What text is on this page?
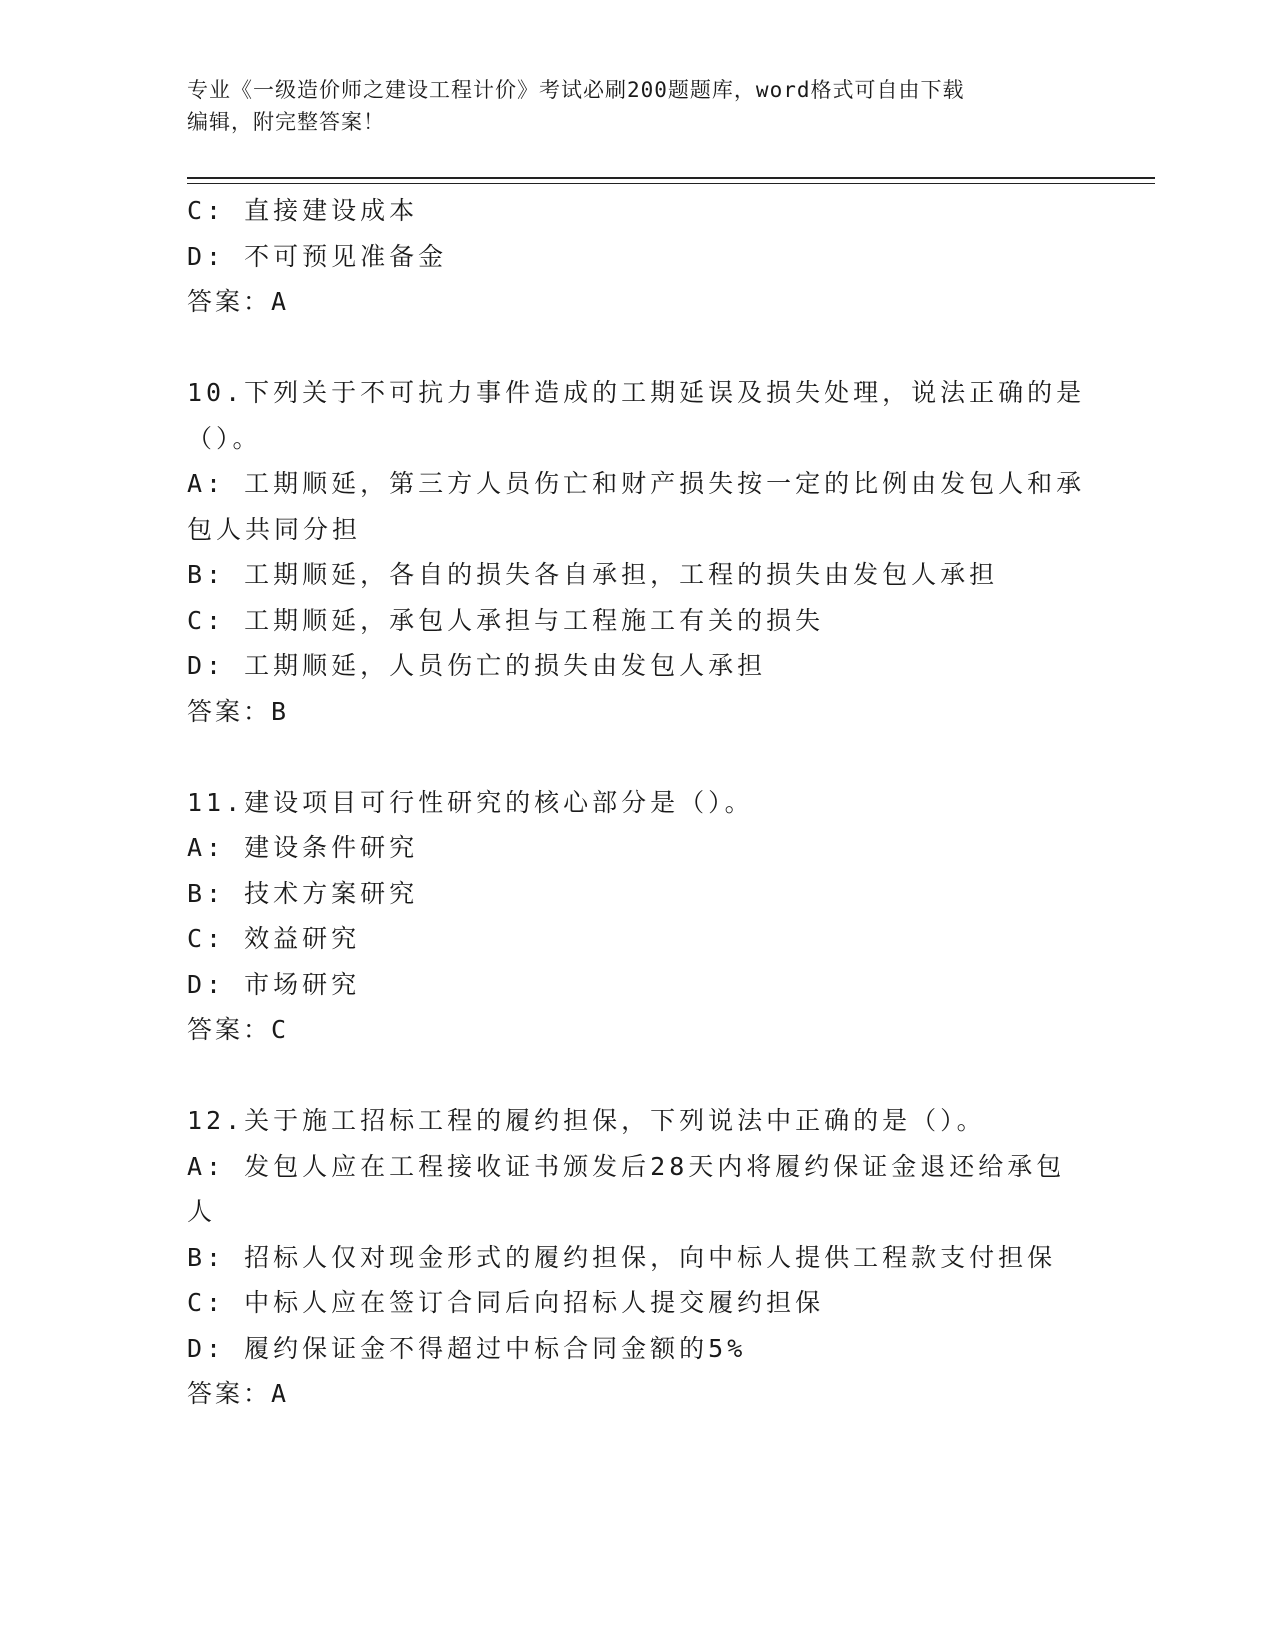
专业《一级造价师之建设工程计价》考试必刷200题题库，word格式可自由下载
编辑，附完整答案！
C: 直接建设成本
D: 不可预见准备金
答案：A
10.下列关于不可抗力事件造成的工期延误及损失处理，说法正确的是
（）。
A: 工期顺延，第三方人员伤亡和财产损失按一定的比例由发包人和承
包人共同分担
B: 工期顺延，各自的损失各自承担，工程的损失由发包人承担
C: 工期顺延，承包人承担与工程施工有关的损失
D: 工期顺延，人员伤亡的损失由发包人承担
答案：B
11.建设项目可行性研究的核心部分是（）。
A: 建设条件研究
B: 技术方案研究
C: 效益研究
D: 市场研究
答案：C
12.关于施工招标工程的履约担保，下列说法中正确的是（）。
A: 发包人应在工程接收证书颁发后28天内将履约保证金退还给承包
人
B: 招标人仅对现金形式的履约担保，向中标人提供工程款支付担保
C: 中标人应在签订合同后向招标人提交履约担保
D: 履约保证金不得超过中标合同金额的5%
答案：A
